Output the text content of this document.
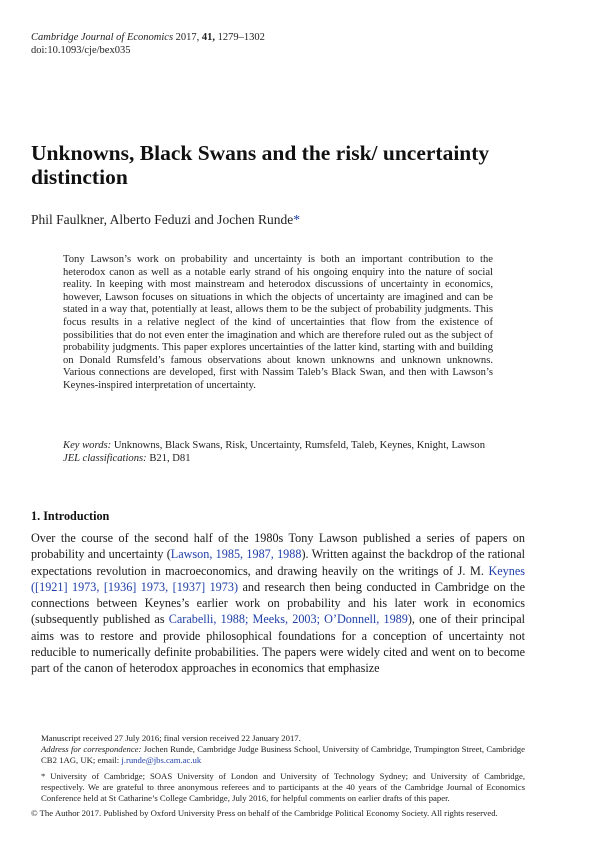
Cambridge Journal of Economics 2017, 41, 1279–1302
doi:10.1093/cje/bex035
Unknowns, Black Swans and the risk/ uncertainty distinction
Phil Faulkner, Alberto Feduzi and Jochen Runde*
Tony Lawson’s work on probability and uncertainty is both an important contribution to the heterodox canon as well as a notable early strand of his ongoing enquiry into the nature of social reality. In keeping with most mainstream and heterodox discussions of uncertainty in economics, however, Lawson focuses on situations in which the objects of uncertainty are imagined and can be stated in a way that, potentially at least, allows them to be the subject of probability judgments. This focus results in a relative neglect of the kind of uncertainties that flow from the existence of possibilities that do not even enter the imagination and which are therefore ruled out as the subject of probability judgments. This paper explores uncertainties of the latter kind, starting with and building on Donald Rumsfeld’s famous observations about known unknowns and unknown unknowns. Various connections are developed, first with Nassim Taleb’s Black Swan, and then with Lawson’s Keynes-inspired interpretation of uncertainty.

Key words: Unknowns, Black Swans, Risk, Uncertainty, Rumsfeld, Taleb, Keynes, Knight, Lawson

JEL classifications: B21, D81

1. Introduction
Over the course of the second half of the 1980s Tony Lawson published a series of papers on probability and uncertainty (Lawson, 1985, 1987, 1988). Written against the backdrop of the rational expectations revolution in macroeconomics, and drawing heavily on the writings of J. M. Keynes ([1921] 1973, [1936] 1973, [1937] 1973) and research then being conducted in Cambridge on the connections between Keynes’s earlier work on probability and his later work in economics (subsequently published as Carabelli, 1988; Meeks, 2003; O’Donnell, 1989), one of their principal aims was to restore and provide philosophical foundations for a conception of uncertainty not reducible to numerically definite probabilities. The papers were widely cited and went on to become part of the canon of heterodox approaches in economics that emphasize

Manuscript received 27 July 2016; final version received 22 January 2017.

Address for correspondence: Jochen Runde, Cambridge Judge Business School, University of Cambridge, Trumpington Street, Cambridge CB2 1AG, UK; email: j.runde@jbs.cam.ac.uk

* University of Cambridge; SOAS University of London and University of Technology Sydney; and University of Cambridge, respectively. We are grateful to three anonymous referees and to participants at the 40 years of the Cambridge Journal of Economics Conference held at St Catharine’s College Cambridge, July 2016, for helpful comments on earlier drafts of this paper.

© The Author 2017. Published by Oxford University Press on behalf of the Cambridge Political Economy Society. All rights reserved.
